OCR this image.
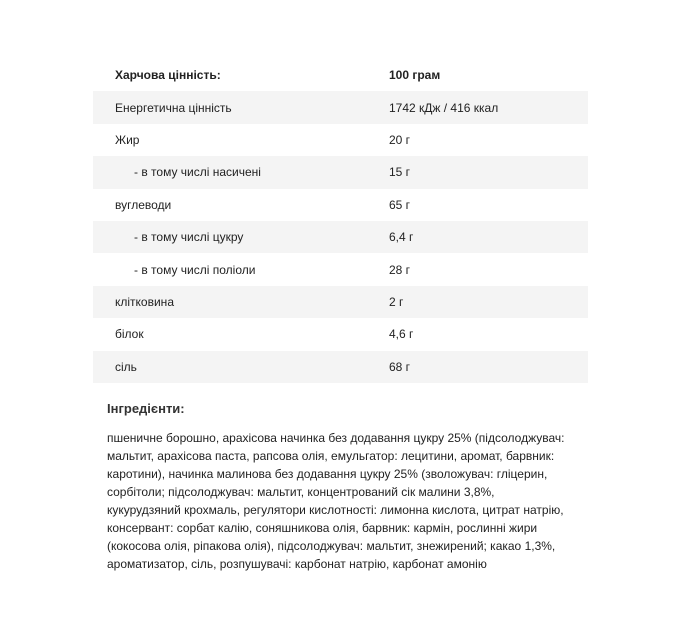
Харчова цінність:	100 грам
Енергетична цінність	1742 кДж / 416 ккал
Жир	20 г
- в тому числі насичені	15 г
вуглеводи	65 г
- в тому числі цукру	6,4 г
- в тому числі поліоли	28 г
клітковина	2 г
білок	4,6 г
сіль	68 г
Інгредієнти:

пшеничне борошно, арахісова начинка без додавання цукру 25% (підсолоджувач: мальтит, арахісова паста, рапсова олія, емульгатор: лецитини, аромат, барвник: каротини), начинка малинова без додавання цукру 25% (зволожувач: гліцерин, сорбітоли; підсолоджувач: мальтит, концентрований сік малини 3,8%, кукурудзяний крохмаль, регулятори кислотності: лимонна кислота, цитрат натрію, консервант: сорбат калію, соняшникова олія, барвник: кармін, рослинні жири (кокосова олія, ріпакова олія), підсолоджувач: мальтит, знежирений; какао 1,3%, ароматизатор, сіль, розпушувачі: карбонат натрію, карбонат амонію
